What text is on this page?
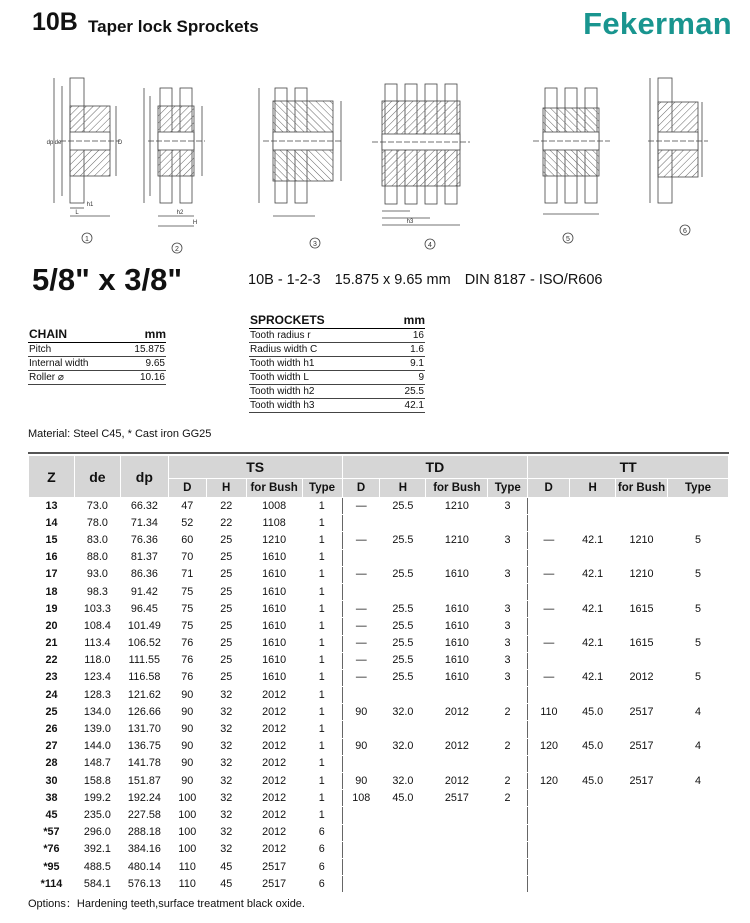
10B Taper lock Sprockets	Fekerman
1
2
3	4
5
6
L
h1
h2
h3
H
dp de	D
5/8" x 3/8"	10B - 1-2-3 15.875 x 9.65 mm DIN 8187 - ISO/R606
CHAIN	mm
Pitch	15.875
Internal width	9.65
Roller ⌀	10.16
SPROCKETS	mm
Tooth radius r	16
Radius width C	1.6
Tooth width h1	9.1
Tooth width L	9
Tooth width h2	25.5
Tooth width h3	42.1
Material: Steel C45, * Cast iron GG25
Z	de	dp	TS				TD				TT			
			D	H	for Bush	Type	D	H	for Bush	Type	D	H	for Bush	Type
13	73.0	66.32	47	22	1008	1	—	25.5	1210	3				
14	78.0	71.34	52	22	1108	1								
15	83.0	76.36	60	25	1210	1	—	25.5	1210	3	—	42.1	1210	5
16	88.0	81.37	70	25	1610	1								
17	93.0	86.36	71	25	1610	1	—	25.5	1610	3	—	42.1	1210	5
18	98.3	91.42	75	25	1610	1								
19	103.3	96.45	75	25	1610	1	—	25.5	1610	3	—	42.1	1615	5
20	108.4	101.49	75	25	1610	1	—	25.5	1610	3				
21	113.4	106.52	76	25	1610	1	—	25.5	1610	3	—	42.1	1615	5
22	118.0	111.55	76	25	1610	1	—	25.5	1610	3				
23	123.4	116.58	76	25	1610	1	—	25.5	1610	3	—	42.1	2012	5
24	128.3	121.62	90	32	2012	1								
25	134.0	126.66	90	32	2012	1	90	32.0	2012	2	110	45.0	2517	4
26	139.0	131.70	90	32	2012	1								
27	144.0	136.75	90	32	2012	1	90	32.0	2012	2	120	45.0	2517	4
28	148.7	141.78	90	32	2012	1								
30	158.8	151.87	90	32	2012	1	90	32.0	2012	2	120	45.0	2517	4
38	199.2	192.24	100	32	2012	1	108	45.0	2517	2				
45	235.0	227.58	100	32	2012	1								
*57	296.0	288.18	100	32	2012	6								
*76	392.1	384.16	100	32	2012	6								
*95	488.5	480.14	110	45	2517	6								
*114	584.1	576.13	110	45	2517	6								
Options：Hardening teeth,surface treatment black oxide.
